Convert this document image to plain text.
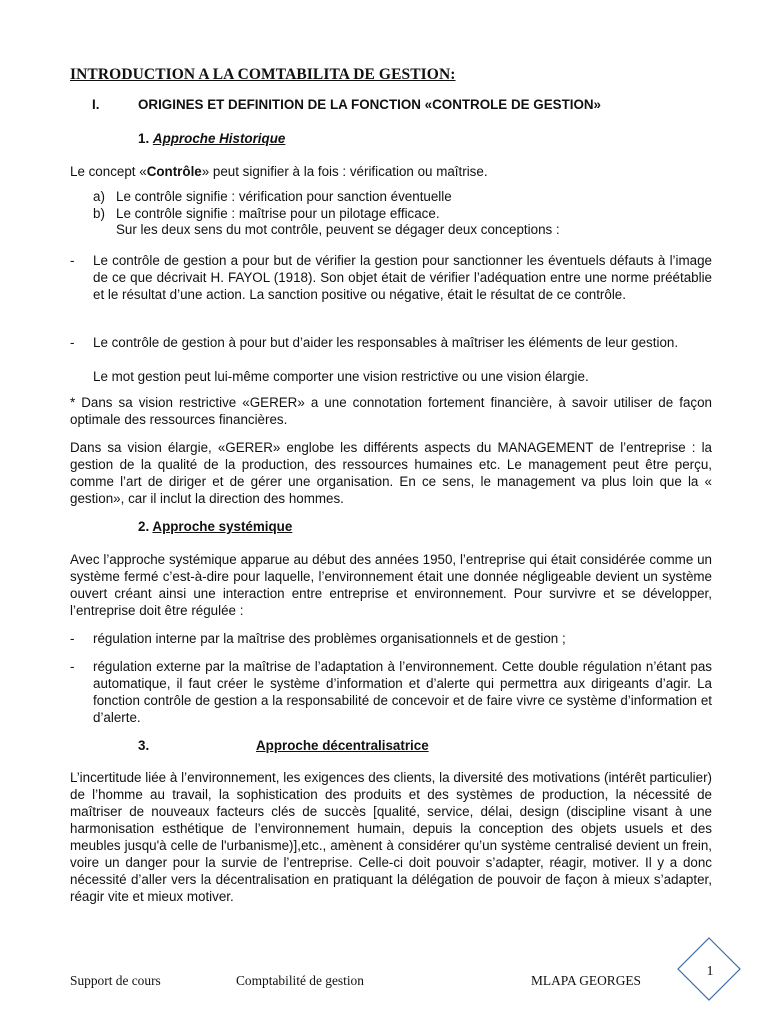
INTRODUCTION A LA COMTABILITA DE GESTION:
I.	ORIGINES ET DEFINITION DE LA FONCTION «CONTROLE DE GESTION»
1. Approche Historique
Le concept «Contrôle» peut signifier à la fois : vérification ou maîtrise.
a) Le contrôle signifie : vérification pour sanction éventuelle
b) Le contrôle signifie : maîtrise pour un pilotage efficace.
Sur les deux sens du mot contrôle, peuvent se dégager deux conceptions :
- Le contrôle de gestion a pour but de vérifier la gestion pour sanctionner les éventuels défauts à l’image de ce que décrivait H. FAYOL (1918). Son objet était de vérifier l’adéquation entre une norme préétablie et le résultat d’une action. La sanction positive ou négative, était le résultat de ce contrôle.
- Le contrôle de gestion à pour but d’aider les responsables à maîtriser les éléments de leur gestion.
Le mot gestion peut lui-même comporter une vision restrictive ou une vision élargie.
* Dans sa vision restrictive «GERER» a une connotation fortement financière, à savoir utiliser de façon optimale des ressources financières.
Dans sa vision élargie, «GERER» englobe les différents aspects du MANAGEMENT de l’entreprise : la gestion de la qualité de la production, des ressources humaines etc. Le management peut être perçu, comme l’art de diriger et de gérer une organisation. En ce sens, le management va plus loin que la « gestion», car il inclut la direction des hommes.
2. Approche systémique
Avec l’approche systémique apparue au début des années 1950, l’entreprise qui était considérée comme un système fermé c’est-à-dire pour laquelle, l’environnement était une donnée négligeable devient un système ouvert créant ainsi une interaction entre entreprise et environnement. Pour survivre et se développer, l’entreprise doit être régulée :
- régulation interne par la maîtrise des problèmes organisationnels et de gestion ;
- régulation externe par la maîtrise de l’adaptation à l’environnement. Cette double régulation n’étant pas automatique, il faut créer le système d’information et d’alerte qui permettra aux dirigeants d’agir. La fonction contrôle de gestion a la responsabilité de concevoir et de faire vivre ce système d’information et d’alerte.
3.	Approche décentralisatrice
L’incertitude liée à l’environnement, les exigences des clients, la diversité des motivations (intérêt particulier) de l’homme au travail, la sophistication des produits et des systèmes de production, la nécessité de maîtriser de nouveaux facteurs clés de succès [qualité, service, délai, design (discipline visant à une harmonisation esthétique de l’environnement humain, depuis la conception des objets usuels et des meubles jusqu'à celle de l'urbanisme)],etc., amènent à considérer qu’un système centralisé devient un frein, voire un danger pour la survie de l’entreprise. Celle-ci doit pouvoir s’adapter, réagir, motiver. Il y a donc nécessité d’aller vers la décentralisation en pratiquant la délégation de pouvoir de façon à mieux s’adapter, réagir vite et mieux motiver.
Support de cours	Comptabilité de gestion	MLAPA GEORGES
1
